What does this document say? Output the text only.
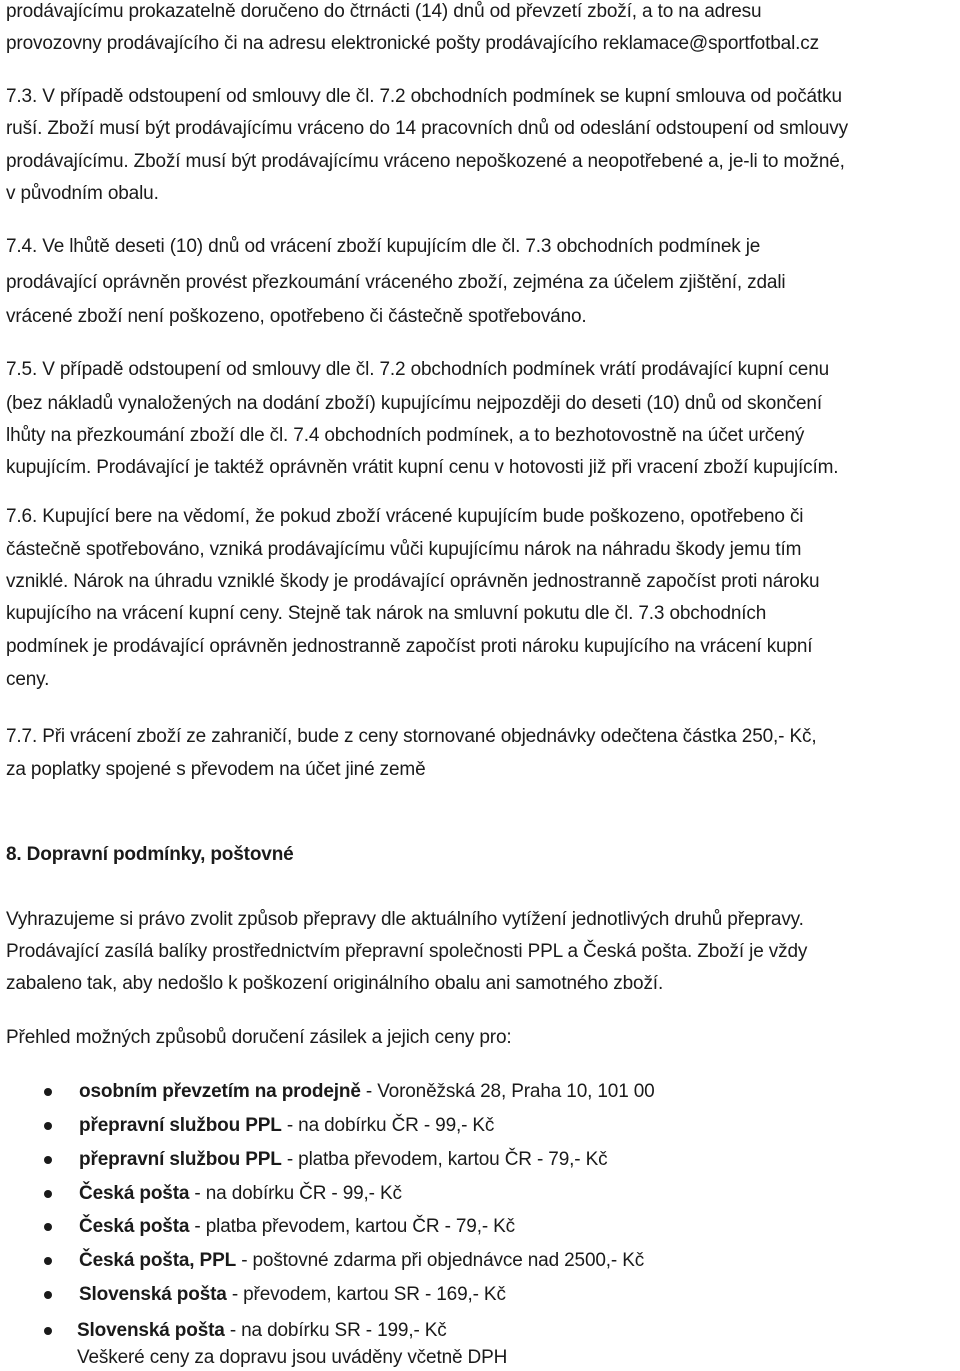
prodávajícímu prokazatelně doručeno do čtrnácti (14) dnů od převzetí zboží, a to na adresu
provozovny prodávajícího či na adresu elektronické pošty prodávajícího reklamace@sportfotbal.cz
7.3. V případě odstoupení od smlouvy dle čl. 7.2 obchodních podmínek se kupní smlouva od počátku
ruší. Zboží musí být prodávajícímu vráceno do 14 pracovních dnů od odeslání odstoupení od smlouvy
prodávajícímu. Zboží musí být prodávajícímu vráceno nepoškozené a neopotřebené a, je-li to možné,
v původním obalu.
7.4. Ve lhůtě deseti (10) dnů od vrácení zboží kupujícím dle čl. 7.3 obchodních podmínek je
prodávající oprávněn provést přezkoumání vráceného zboží, zejména za účelem zjištění, zdali
vrácené zboží není poškozeno, opotřebeno či částečně spotřebováno.
7.5. V případě odstoupení od smlouvy dle čl. 7.2 obchodních podmínek vrátí prodávající kupní cenu
(bez nákladů vynaložených na dodání zboží) kupujícímu nejpozději do deseti (10) dnů od skončení
lhůty na přezkoumání zboží dle čl. 7.4 obchodních podmínek, a to bezhotovostně na účet určený
kupujícím. Prodávající je taktéž oprávněn vrátit kupní cenu v hotovosti již při vracení zboží kupujícím.
7.6. Kupující bere na vědomí, že pokud zboží vrácené kupujícím bude poškozeno, opotřebeno či
částečně spotřebováno, vzniká prodávajícímu vůči kupujícímu nárok na náhradu škody jemu tím
vzniklé. Nárok na úhradu vzniklé škody je prodávající oprávněn jednostranně započíst proti nároku
kupujícího na vrácení kupní ceny. Stejně tak nárok na smluvní pokutu dle čl. 7.3 obchodních
podmínek je prodávající oprávněn jednostranně započíst proti nároku kupujícího na vrácení kupní
ceny.
7.7. Při vrácení zboží ze zahraničí, bude z ceny stornované objednávky odečtena částka 250,- Kč,
za poplatky spojené s převodem na účet jiné země
8. Dopravní podmínky, poštovné
Vyhrazujeme si právo zvolit způsob přepravy dle aktuálního vytížení jednotlivých druhů přepravy.
Prodávající zasílá balíky prostřednictvím přepravní společnosti PPL a Česká pošta. Zboží je vždy
zabaleno tak, aby nedošlo k poškození originálního obalu ani samotného zboží.
Přehled možných způsobů doručení zásilek a jejich ceny pro:
osobním převzetím na prodejně - Voroněžská 28, Praha 10, 101 00
přepravní službou PPL - na dobírku ČR - 99,- Kč
přepravní službou PPL - platba převodem, kartou ČR - 79,- Kč
Česká pošta - na dobírku ČR - 99,- Kč
Česká pošta - platba převodem, kartou ČR - 79,- Kč
Česká pošta, PPL - poštovné zdarma při objednávce nad 2500,- Kč
Slovenská pošta - převodem, kartou SR - 169,- Kč
Slovenská pošta - na dobírku SR - 199,- Kč
Veškeré ceny za dopravu jsou uváděny včetně DPH
